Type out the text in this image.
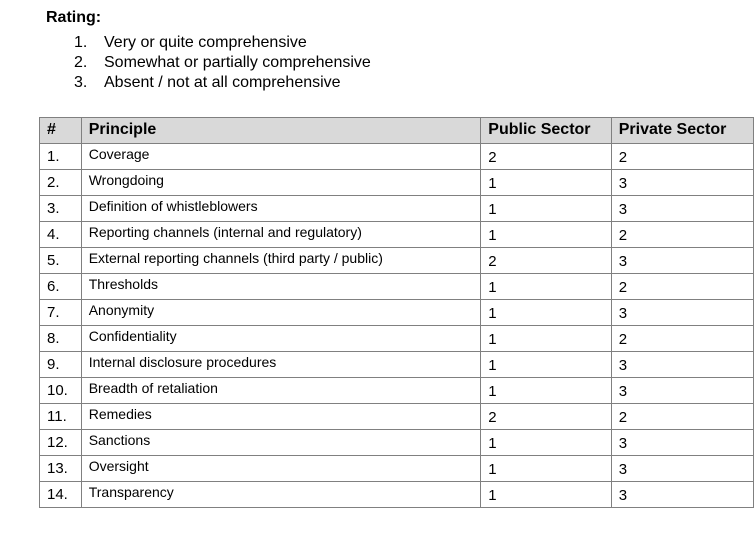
Rating:
1.	Very or quite comprehensive
2.	Somewhat or partially comprehensive
3.	Absent / not at all comprehensive
#	Principle	Public Sector	Private Sector
1.	Coverage	2	2
2.	Wrongdoing	1	3
3.	Definition of whistleblowers	1	3
4.	Reporting channels (internal and regulatory)	1	2
5.	External reporting channels (third party / public)	2	3
6.	Thresholds	1	2
7.	Anonymity	1	3
8.	Confidentiality	1	2
9.	Internal disclosure procedures	1	3
10.	Breadth of retaliation	1	3
11.	Remedies	2	2
12.	Sanctions	1	3
13.	Oversight	1	3
14.	Transparency	1	3
